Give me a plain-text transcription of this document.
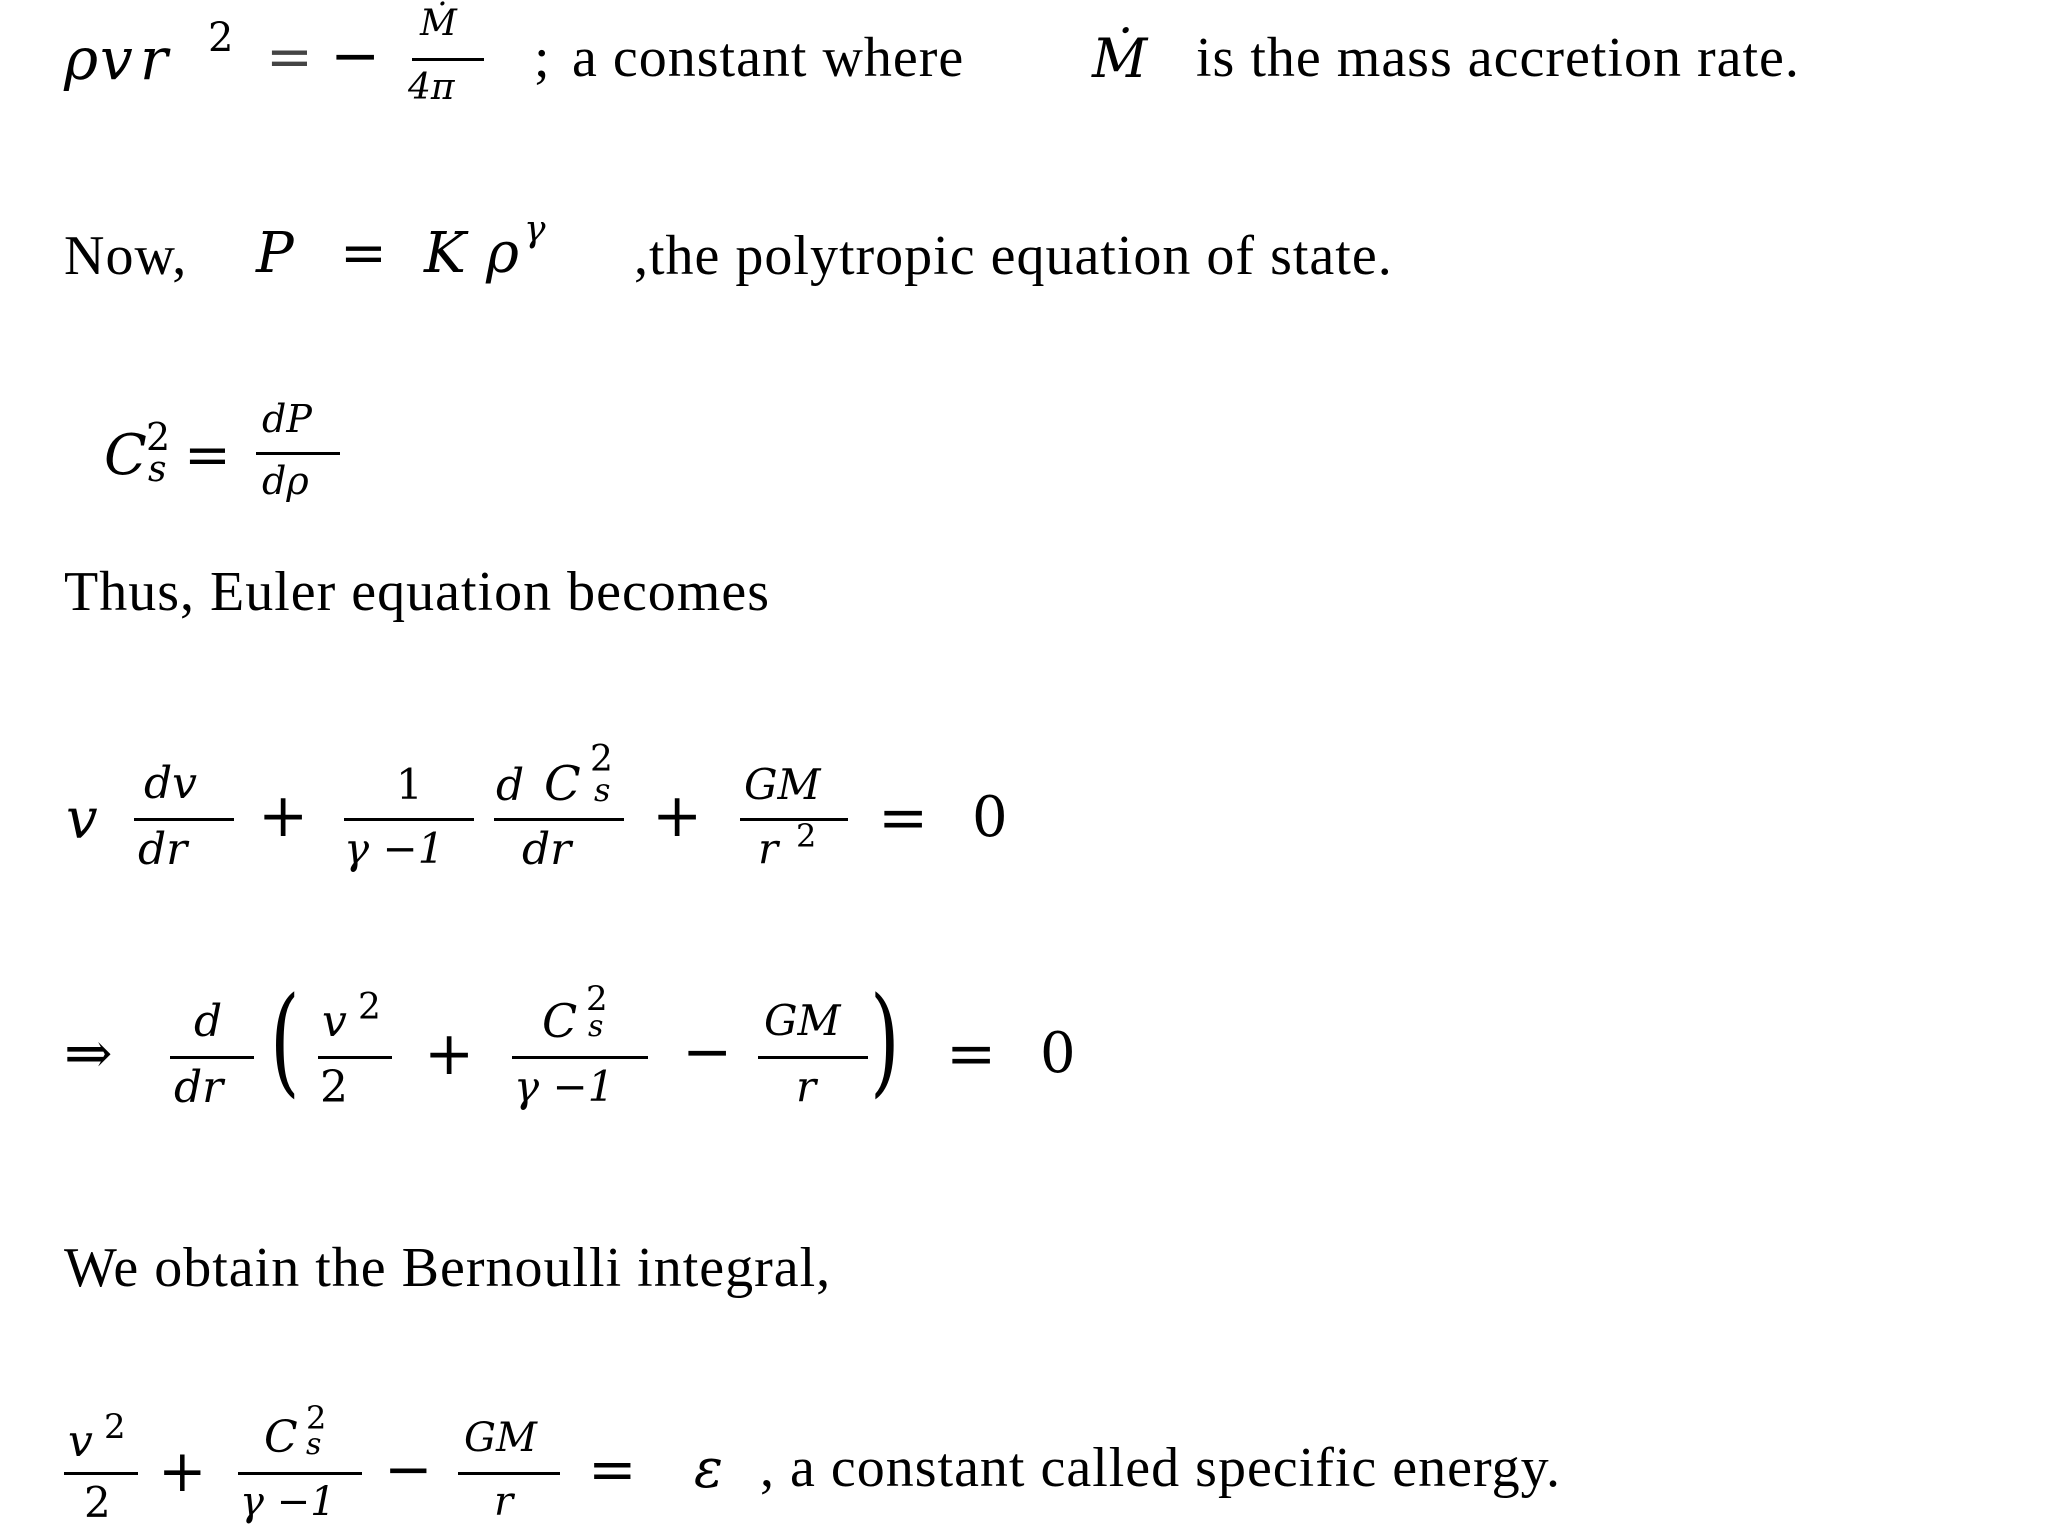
ρ v r 2 = − Ṁ
4π ; a constant where Ṁ is the mass accretion rate.
Now, P = K ρ γ ,the polytropic equation of state.
C 2
s =
dP
dρ
Thus, Euler equation becomes
v
dv
dr + 1
γ −1
d C 2
s
dr + GM
r 2 = 0
⇒ d
dr ( v 2
2 + C 2
s
γ −1 − GM
r ) = 0
We obtain the Bernoulli integral,
v 2
2 + C 2
s
γ −1 − GM
r = ε , a constant called specific energy.
